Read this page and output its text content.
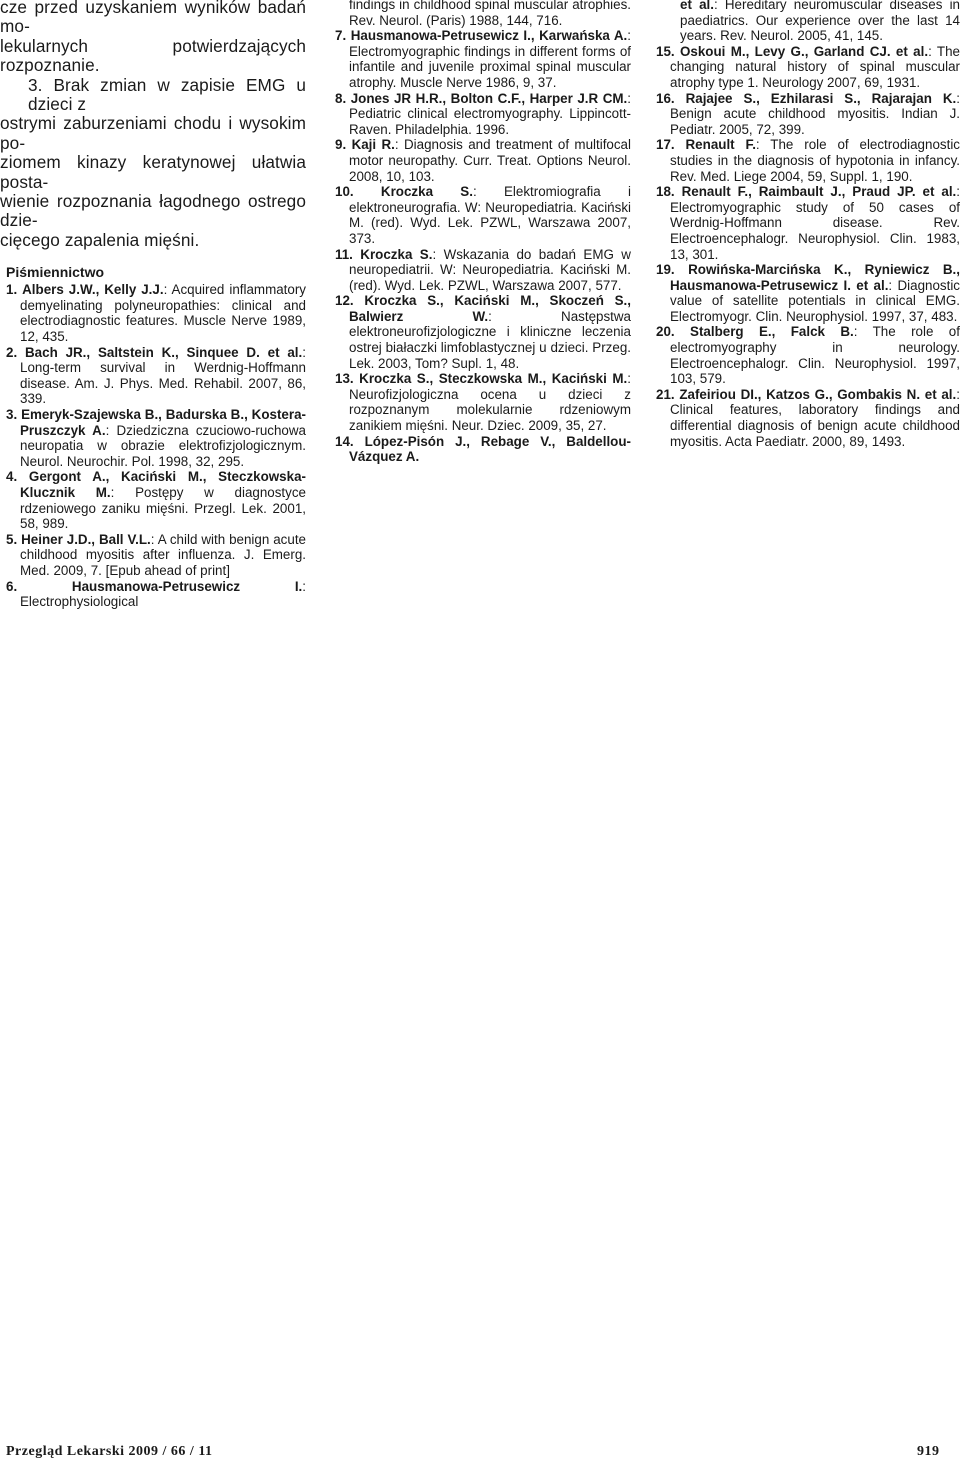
cze przed uzyskaniem wyników badań mo-
lekularnych potwierdzających rozpoznanie.
3. Brak zmian w zapisie EMG u dzieci z
ostrymi zaburzeniami chodu i wysokim po-
ziomem kinazy keratynowej ułatwia posta-
wienie rozpoznania łagodnego ostrego dzie-
cięcego zapalenia mięśni.
Piśmiennictwo
1. Albers J.W., Kelly J.J.: Acquired inflammatory demyelinating polyneuropathies: clinical and electrodiagnostic features. Muscle Nerve 1989, 12, 435.
2. Bach JR., Saltstein K., Sinquee D. et al.: Long-term survival in Werdnig-Hoffmann disease. Am. J. Phys. Med. Rehabil. 2007, 86, 339.
3. Emeryk-Szajewska B., Badurska B., Kostera-Pruszczyk A.: Dziedziczna czuciowo-ruchowa neuropatia w obrazie elektrofizjologicznym. Neurol. Neurochir. Pol. 1998, 32, 295.
4. Gergont A., Kaciński M., Steczkowska-Klucznik M.: Postępy w diagnostyce rdzeniowego zaniku mięśni. Przegl. Lek. 2001, 58, 989.
5. Heiner J.D., Ball V.L.: A child with benign acute childhood myositis after influenza. J. Emerg. Med. 2009, 7. [Epub ahead of print]
6.	Hausmanowa-Petrusewicz I.: Electrophysiological
findings in childhood spinal muscular atrophies. Rev. Neurol. (Paris) 1988, 144, 716.
7. Hausmanowa-Petrusewicz I., Karwańska A.: Electromyographic findings in different forms of infantile and juvenile proximal spinal muscular atrophy. Muscle Nerve 1986, 9, 37.
8. Jones JR H.R., Bolton C.F., Harper J.R CM.: Pediatric clinical electromyography. Lippincott-Raven. Philadelphia. 1996.
9. Kaji R.: Diagnosis and treatment of multifocal motor neuropathy. Curr. Treat. Options Neurol. 2008, 10, 103.
10. Kroczka S.: Elektromiografia i elektroneurografia. W: Neuropediatria. Kaciński M. (red). Wyd. Lek. PZWL, Warszawa 2007, 373.
11. Kroczka S.: Wskazania do badań EMG w neuropediatrii. W: Neuropediatria. Kaciński M. (red). Wyd. Lek. PZWL, Warszawa 2007, 577.
12. Kroczka S., Kaciński M., Skoczeń S., Balwierz W.: Następstwa elektroneurofizjologiczne i kliniczne leczenia ostrej białaczki limfoblastycznej u dzieci. Przeg. Lek. 2003, Tom? Supl. 1, 48.
13. Kroczka S., Steczkowska M., Kaciński M.: Neurofizjologiczna ocena u dzieci z rozpoznanym molekularnie rdzeniowym zanikiem mięśni. Neur. Dziec. 2009, 35, 27.
14. López-Pisón J., Rebage V., Baldellou-Vázquez A.
et al.: Hereditary neuromuscular diseases in paediatrics. Our experience over the last 14 years. Rev. Neurol. 2005, 41, 145.
15. Oskoui M., Levy G., Garland CJ. et al.: The changing natural history of spinal muscular atrophy type 1. Neurology 2007, 69, 1931.
16. Rajajee S., Ezhilarasi S., Rajarajan K.: Benign acute childhood myositis. Indian J. Pediatr. 2005, 72, 399.
17. Renault F.: The role of electrodiagnostic studies in the diagnosis of hypotonia in infancy. Rev. Med. Liege 2004, 59, Suppl. 1, 190.
18. Renault F., Raimbault J., Praud JP. et al.: Electromyographic study of 50 cases of Werdnig-Hoffmann disease. Rev. Electroencephalogr. Neurophysiol. Clin. 1983, 13, 301.
19. Rowińska-Marcińska K., Ryniewicz B., Hausmanowa-Petrusewicz I. et al.: Diagnostic value of satellite potentials in clinical EMG. Electromyogr. Clin. Neurophysiol. 1997, 37, 483.
20. Stalberg E., Falck B.: The role of electromyography in neurology. Electroencephalogr. Clin. Neurophysiol. 1997, 103, 579.
21. Zafeiriou DI., Katzos G., Gombakis N. et al.: Clinical features, laboratory findings and differential diagnosis of benign acute childhood myositis. Acta Paediatr. 2000, 89, 1493.
Przegląd Lekarski 2009 / 66 / 11	919
